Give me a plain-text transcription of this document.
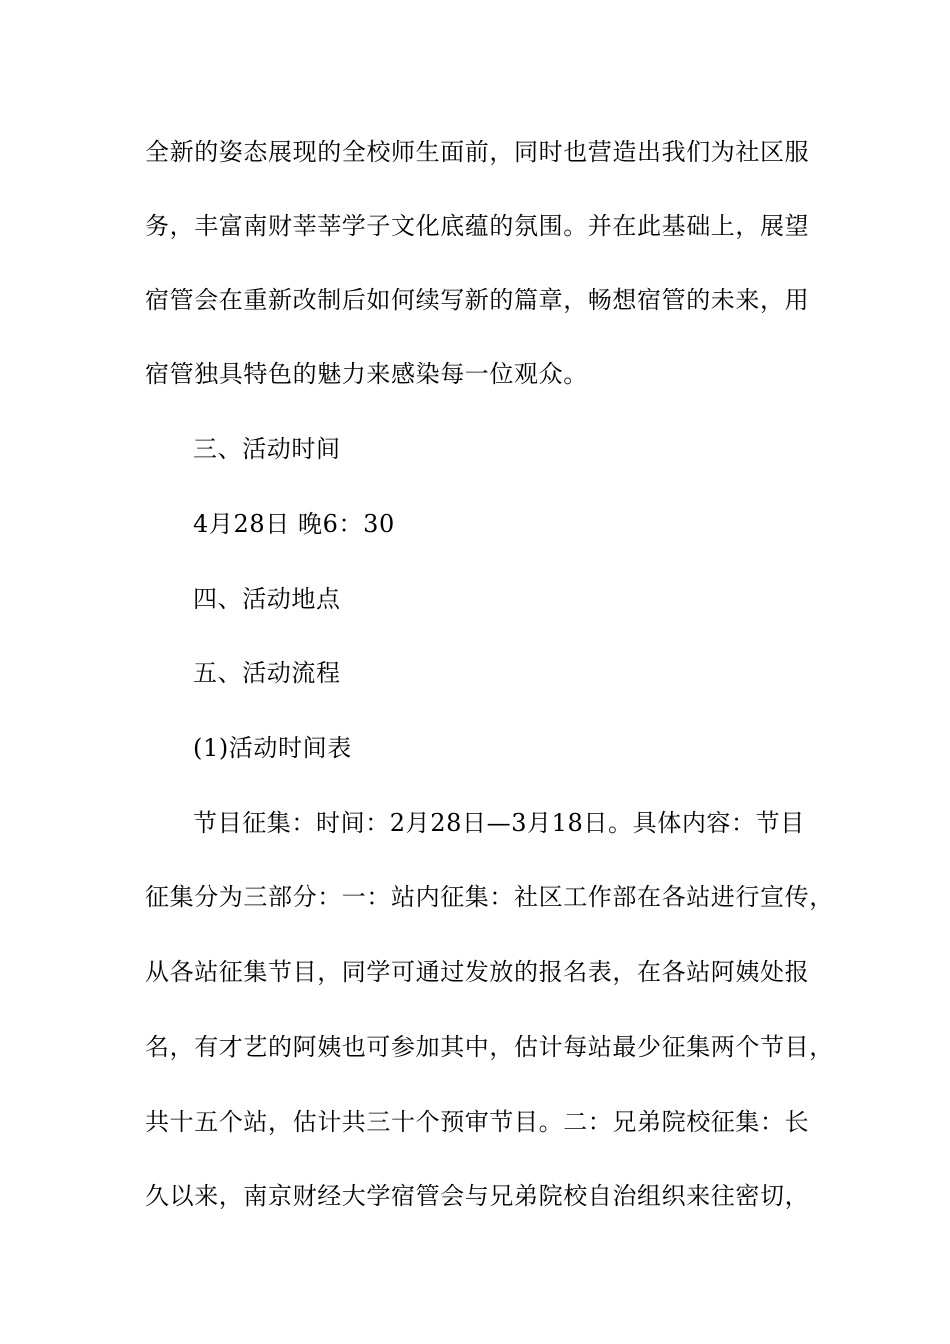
全新的姿态展现的全校师生面前，同时也营造出我们为社区服
务，丰富南财莘莘学子文化底蕴的氛围。并在此基础上，展望
宿管会在重新改制后如何续写新的篇章，畅想宿管的未来，用
宿管独具特色的魅力来感染每一位观众。
三、活动时间
4月28日 晚6：30
四、活动地点
五、活动流程
(1)活动时间表
节目征集：时间：2月28日—3月18日。具体内容：节目
征集分为三部分：一：站内征集：社区工作部在各站进行宣传，
从各站征集节目，同学可通过发放的报名表，在各站阿姨处报
名，有才艺的阿姨也可参加其中，估计每站最少征集两个节目，
共十五个站，估计共三十个预审节目。二：兄弟院校征集：长
久以来，南京财经大学宿管会与兄弟院校自治组织来往密切，
